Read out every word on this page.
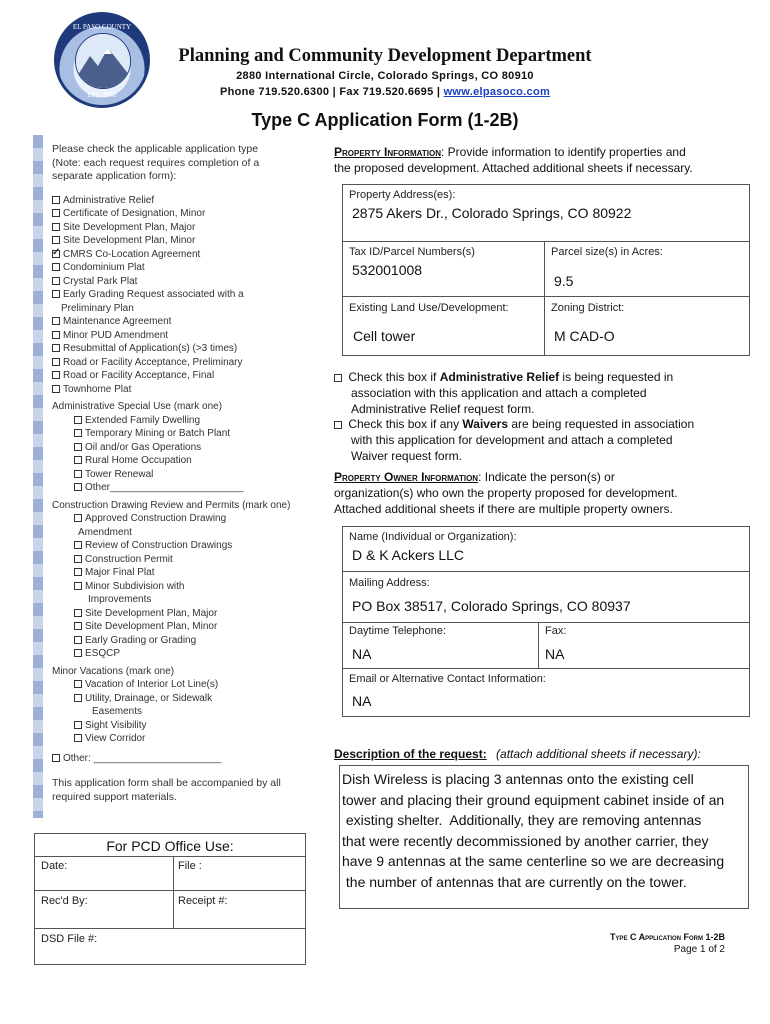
EL PASO COUNTY
EST. 1861
Planning and Community Development Department
2880 International Circle, Colorado Springs, CO 80910
Phone 719.520.6300 | Fax 719.520.6695 | www.elpasoco.com
Type C Application Form (1-2B)
Please check the applicable application type
(Note: each request requires completion of a
separate application form):
Administrative Relief
Certificate of Designation, Minor
Site Development Plan, Major
Site Development Plan, Minor
✓CMRS Co-Location Agreement
Condominium Plat
Crystal Park Plat
Early Grading Request associated with a
Preliminary Plan
Maintenance Agreement
Minor PUD Amendment
Resubmittal of Application(s) (>3 times)
Road or Facility Acceptance, Preliminary
Road or Facility Acceptance, Final
Townhome Plat
Administrative Special Use (mark one)
Extended Family Dwelling
Temporary Mining or Batch Plant
Oil and/or Gas Operations
Rural Home Occupation
Tower Renewal
Other________________________
Construction Drawing Review and Permits (mark one)
Approved Construction Drawing
Amendment
Review of Construction Drawings
Construction Permit
Major Final Plat
Minor Subdivision with
Improvements
Site Development Plan, Major
Site Development Plan, Minor
Early Grading or Grading
ESQCP
Minor Vacations (mark one)
Vacation of Interior Lot Line(s)
Utility, Drainage, or Sidewalk
Easements
Sight Visibility
View Corridor
Other: _______________________
This application form shall be accompanied by all
required support materials.
For PCD Office Use:
Date:	File :
Rec'd By:	Receipt #:
DSD File #:
Property Information: Provide information to identify properties and
the proposed development. Attached additional sheets if necessary.
Property Address(es):
2875 Akers Dr., Colorado Springs, CO 80922
Tax ID/Parcel Numbers(s)
532001008
Parcel size(s) in Acres:
9.5
Existing Land Use/Development:
Cell tower
Zoning District:
M CAD-O
Check this box if Administrative Relief is being requested in
association with this application and attach a completed
Administrative Relief request form.
Check this box if any Waivers are being requested in association
with this application for development and attach a completed
Waiver request form.
Property Owner Information: Indicate the person(s) or
organization(s) who own the property proposed for development.
Attached additional sheets if there are multiple property owners.
Name (Individual or Organization):
D & K Ackers LLC
Mailing Address:
PO Box 38517, Colorado Springs, CO 80937
Daytime Telephone:
NA
Fax:
NA
Email or Alternative Contact Information:
NA
Description of the request: (attach additional sheets if necessary):
Dish Wireless is placing 3 antennas onto the existing cell
tower and placing their ground equipment cabinet inside of an
existing shelter.  Additionally, they are removing antennas
that were recently decommissioned by another carrier, they
have 9 antennas at the same centerline so we are decreasing
the number of antennas that are currently on the tower.
Type C Application Form 1-2B
Page 1 of 2
